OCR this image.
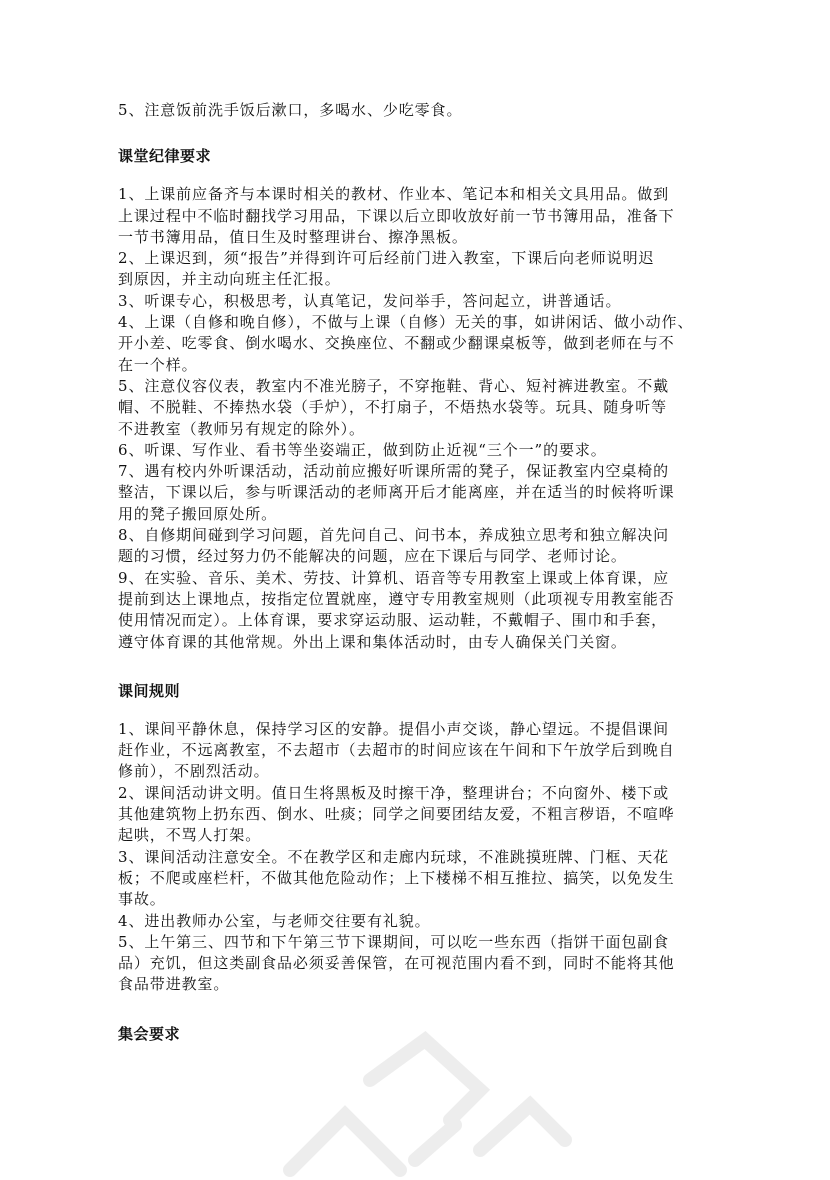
5、注意饭前洗手饭后漱口，多喝水、少吃零食。

课堂纪律要求

1、上课前应备齐与本课时相关的教材、作业本、笔记本和相关文具用品。做到

上课过程中不临时翻找学习用品，下课以后立即收放好前一节书簿用品，准备下

一节书簿用品，值日生及时整理讲台、擦净黑板。

2、上课迟到，须“报告”并得到许可后经前门进入教室，下课后向老师说明迟

到原因，并主动向班主任汇报。

3、听课专心，积极思考，认真笔记，发问举手，答问起立，讲普通话。

4、上课（自修和晚自修），不做与上课（自修）无关的事，如讲闲话、做小动作、

开小差、吃零食、倒水喝水、交换座位、不翻或少翻课桌板等，做到老师在与不

在一个样。

5、注意仪容仪表，教室内不准光膀子，不穿拖鞋、背心、短衬裤进教室。不戴

帽、不脱鞋、不捧热水袋（手炉），不打扇子，不焐热水袋等。玩具、随身听等

不进教室（教师另有规定的除外）。

6、听课、写作业、看书等坐姿端正，做到防止近视“三个一”的要求。

7、遇有校内外听课活动，活动前应搬好听课所需的凳子，保证教室内空桌椅的

整洁，下课以后，参与听课活动的老师离开后才能离座，并在适当的时候将听课

用的凳子搬回原处所。

8、自修期间碰到学习问题，首先问自己、问书本，养成独立思考和独立解决问

题的习惯，经过努力仍不能解决的问题，应在下课后与同学、老师讨论。

9、在实验、音乐、美术、劳技、计算机、语音等专用教室上课或上体育课，应

提前到达上课地点，按指定位置就座，遵守专用教室规则（此项视专用教室能否

使用情况而定）。上体育课，要求穿运动服、运动鞋，不戴帽子、围巾和手套，

遵守体育课的其他常规。外出上课和集体活动时，由专人确保关门关窗。

课间规则

1、课间平静休息，保持学习区的安静。提倡小声交谈，静心望远。不提倡课间

赶作业，不远离教室，不去超市（去超市的时间应该在午间和下午放学后到晚自

修前），不剧烈活动。

2、课间活动讲文明。值日生将黑板及时擦干净，整理讲台；不向窗外、楼下或

其他建筑物上扔东西、倒水、吐痰；同学之间要团结友爱，不粗言秽语，不喧哗

起哄，不骂人打架。

3、课间活动注意安全。不在教学区和走廊内玩球，不准跳摸班牌、门框、天花

板；不爬或座栏杆，不做其他危险动作；上下楼梯不相互推拉、搞笑，以免发生

事故。

4、进出教师办公室，与老师交往要有礼貌。

5、上午第三、四节和下午第三节下课期间，可以吃一些东西（指饼干面包副食

品）充饥，但这类副食品必须妥善保管，在可视范围内看不到，同时不能将其他

食品带进教室。

集会要求
